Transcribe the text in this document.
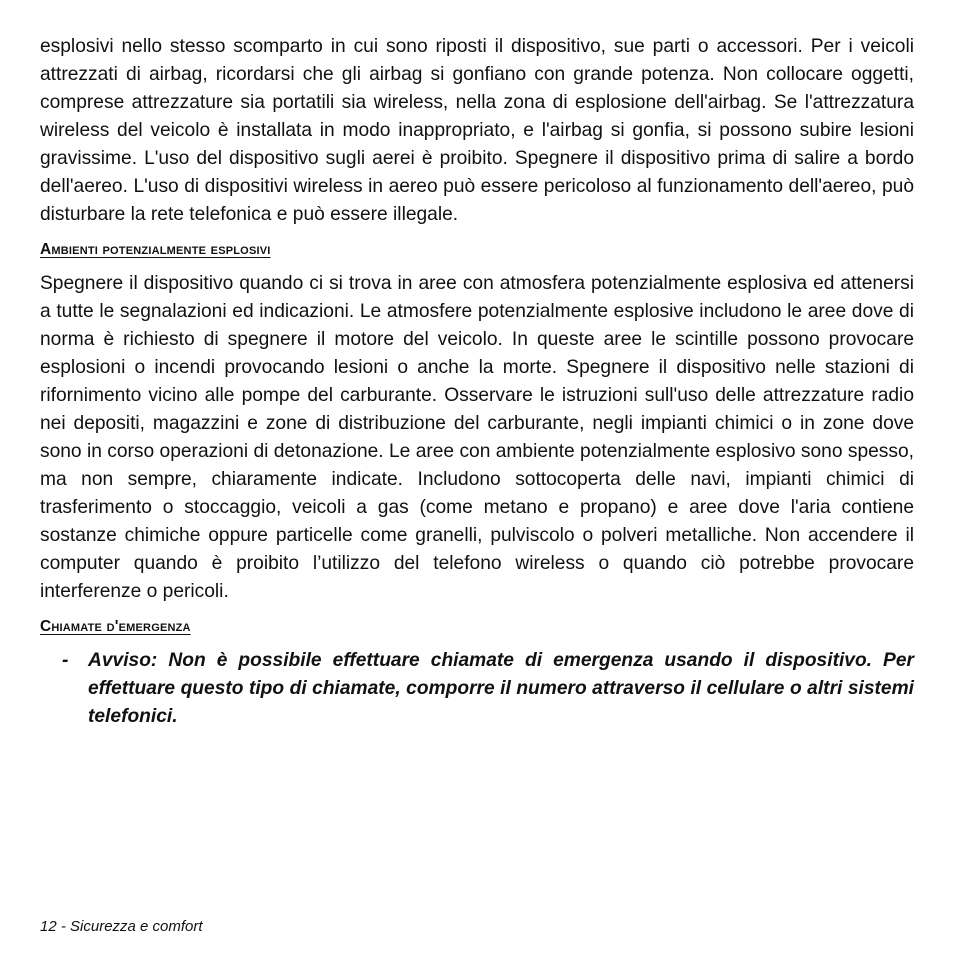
esplosivi nello stesso scomparto in cui sono riposti il dispositivo, sue parti o accessori. Per i veicoli attrezzati di airbag, ricordarsi che gli airbag si gonfiano con grande potenza. Non collocare oggetti, comprese attrezzature sia portatili sia wireless, nella zona di esplosione dell'airbag. Se l'attrezzatura wireless del veicolo è installata in modo inappropriato, e l'airbag si gonfia, si possono subire lesioni gravissime. L'uso del dispositivo sugli aerei è proibito. Spegnere il dispositivo prima di salire a bordo dell'aereo. L'uso di dispositivi wireless in aereo può essere pericoloso al funzionamento dell'aereo, può disturbare la rete telefonica e può essere illegale.

Ambienti potenzialmente esplosivi

Spegnere il dispositivo quando ci si trova in aree con atmosfera potenzialmente esplosiva ed attenersi a tutte le segnalazioni ed indicazioni. Le atmosfere potenzialmente esplosive includono le aree dove di norma è richiesto di spegnere il motore del veicolo. In queste aree le scintille possono provocare esplosioni o incendi provocando lesioni o anche la morte. Spegnere il dispositivo nelle stazioni di rifornimento vicino alle pompe del carburante. Osservare le istruzioni sull'uso delle attrezzature radio nei depositi, magazzini e zone di distribuzione del carburante, negli impianti chimici o in zone dove sono in corso operazioni di detonazione. Le aree con ambiente potenzialmente esplosivo sono spesso, ma non sempre, chiaramente indicate. Includono sottocoperta delle navi, impianti chimici di trasferimento o stoccaggio, veicoli a gas (come metano e propano) e aree dove l'aria contiene sostanze chimiche oppure particelle come granelli, pulviscolo o polveri metalliche. Non accendere il computer quando è proibito l’utilizzo del telefono wireless o quando ciò potrebbe provocare interferenze o pericoli.

Chiamate d'emergenza
-	Avviso: Non è possibile effettuare chiamate di emergenza usando il dispositivo. Per effettuare questo tipo di chiamate, comporre il numero attraverso il cellulare o altri sistemi telefonici.
12 - Sicurezza e comfort
